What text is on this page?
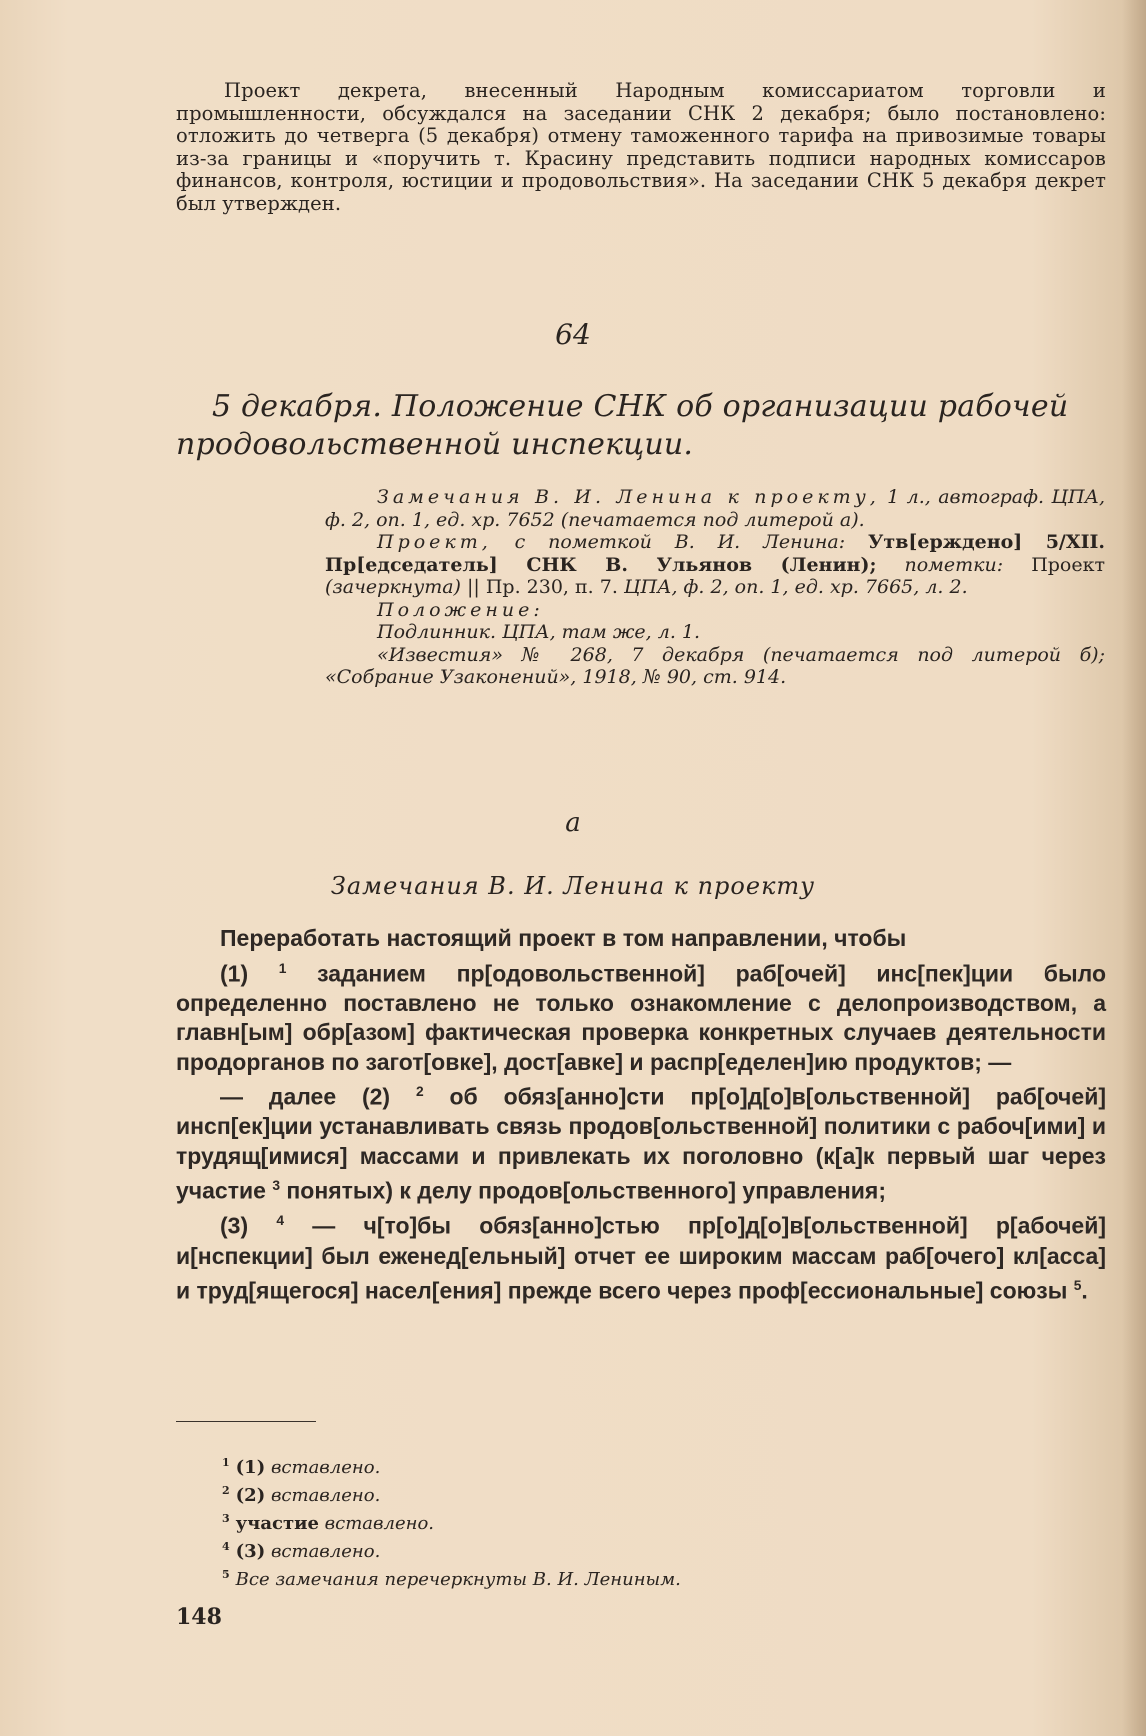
Проект декрета, внесенный Народным комиссариатом торговли и промышленности, обсуждался на заседании СНК 2 декабря; было постановлено: отложить до четверга (5 декабря) отмену таможенного тарифа на привозимые товары из-за границы и «поручить т. Красину представить подписи народных комиссаров финансов, контроля, юстиции и продовольствия». На заседании СНК 5 декабря декрет был утвержден.
64
5 декабря. Положение СНК об организации рабочей продовольственной инспекции.

Замечания В. И. Ленина к проекту, 1 л., автограф. ЦПА, ф. 2, оп. 1, ед. хр. 7652 (печатается под литерой а).

Проект, с пометкой В. И. Ленина: Утв[ерждено] 5/XII. Пр[едседатель] СНК В. Ульянов (Ленин); пометки: Проект (зачеркнута) || Пр. 230, п. 7. ЦПА, ф. 2, оп. 1, ед. хр. 7665, л. 2.

Положение:

Подлинник. ЦПА, там же, л. 1.

«Известия» № 268, 7 декабря (печатается под литерой б); «Собрание Узаконений», 1918, № 90, ст. 914.

а
Замечания В. И. Ленина к проекту

Переработать настоящий проект в том направлении, чтобы

(1) $^1$ заданием пр[одовольственной] раб[очей] инс[пек]ции было определенно поставлено не только ознакомление с делопроизводством, а главн[ым] обр[азом] фактическая проверка конкретных случаев деятельности продорганов по загот[овке], дост[авке] и распр[еделен]ию продуктов; —

— далее (2) $^2$ об обяз[анно]сти пр[о]д[о]в[ольственной] раб[очей] инсп[ек]ции устанавливать связь продов[ольственной] политики с рабоч[ими] и трудящ[имися] массами и привлекать их поголовно (к[а]к первый шаг через участие $^3$ понятых) к делу продов[ольственного] управления;

(3) $^4$ — ч[то]бы обяз[анно]стью пр[о]д[о]в[ольственной] р[абочей] и[нспекции] был еженед[ельный] отчет ее широким массам раб[очего] кл[асса] и труд[ящегося] насел[ения] прежде всего через проф[ессиональные] союзы $^5$.

$^1$ (1) вставлено.
$^2$ (2) вставлено.
$^3$ участие вставлено.
$^4$ (3) вставлено.
$^5$ Все замечания перечеркнуты В. И. Лениным.
148
